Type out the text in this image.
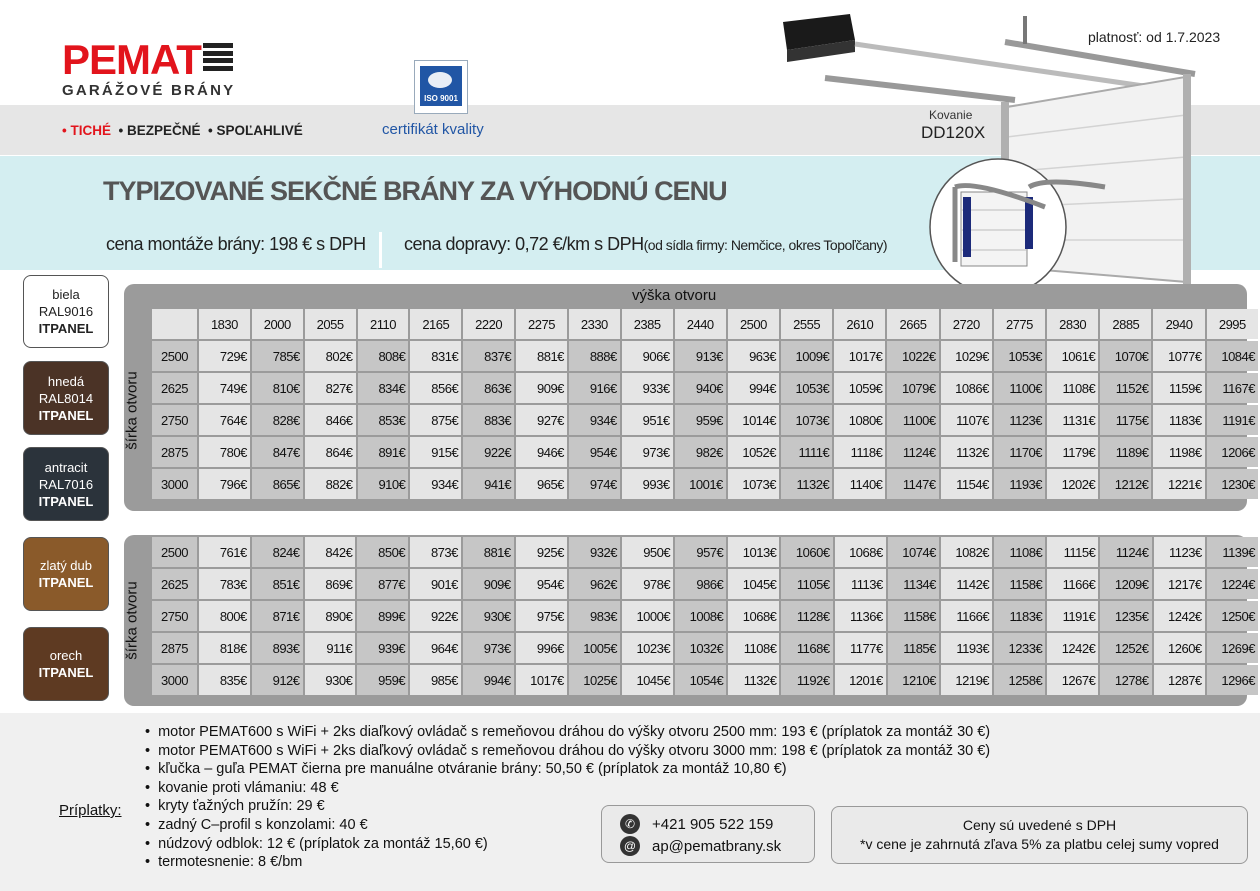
PEMAT
GARÁŽOVÉ BRÁNY
• TICHÉ  • BEZPEČNÉ  • SPOĽAHLIVÉ
ISO 9001
certifikát kvality
platnosť: od 1.7.2023
TYPIZOVANÉ SEKČNÉ BRÁNY ZA VÝHODNÚ CENU
cena montáže brány: 198 € s DPH cena dopravy: 0,72 €/km s DPH(od sídla firmy: Nemčice, okres Topoľčany)
Kovanie
DD120X
biela
RAL9016
ITPANEL
hnedá
RAL8014
ITPANEL
antracit
RAL7016
ITPANEL
zlatý dub
ITPANEL
orech
ITPANEL
výška otvoru
šírka otvoru
	1830	2000	2055	2110	2165	2220	2275	2330	2385	2440	2500	2555	2610	2665	2720	2775	2830	2885	2940	2995
2500	729€	785€	802€	808€	831€	837€	881€	888€	906€	913€	963€	1009€	1017€	1022€	1029€	1053€	1061€	1070€	1077€	1084€
2625	749€	810€	827€	834€	856€	863€	909€	916€	933€	940€	994€	1053€	1059€	1079€	1086€	1100€	1108€	1152€	1159€	1167€
2750	764€	828€	846€	853€	875€	883€	927€	934€	951€	959€	1014€	1073€	1080€	1100€	1107€	1123€	1131€	1175€	1183€	1191€
2875	780€	847€	864€	891€	915€	922€	946€	954€	973€	982€	1052€	1111€	1118€	1124€	1132€	1170€	1179€	1189€	1198€	1206€
3000	796€	865€	882€	910€	934€	941€	965€	974€	993€	1001€	1073€	1132€	1140€	1147€	1154€	1193€	1202€	1212€	1221€	1230€
šírka otvoru
2500	761€	824€	842€	850€	873€	881€	925€	932€	950€	957€	1013€	1060€	1068€	1074€	1082€	1108€	1115€	1124€	1123€	1139€
2625	783€	851€	869€	877€	901€	909€	954€	962€	978€	986€	1045€	1105€	1113€	1134€	1142€	1158€	1166€	1209€	1217€	1224€
2750	800€	871€	890€	899€	922€	930€	975€	983€	1000€	1008€	1068€	1128€	1136€	1158€	1166€	1183€	1191€	1235€	1242€	1250€
2875	818€	893€	911€	939€	964€	973€	996€	1005€	1023€	1032€	1108€	1168€	1177€	1185€	1193€	1233€	1242€	1252€	1260€	1269€
3000	835€	912€	930€	959€	985€	994€	1017€	1025€	1045€	1054€	1132€	1192€	1201€	1210€	1219€	1258€	1267€	1278€	1287€	1296€
• motor PEMAT600 s WiFi + 2ks diaľkový ovládač s remeňovou dráhou do výšky otvoru 2500 mm: 193 € (príplatok za montáž 30 €)
• motor PEMAT600 s WiFi + 2ks diaľkový ovládač s remeňovou dráhou do výšky otvoru 3000 mm: 198 € (príplatok za montáž 30 €)
• kľučka – guľa PEMAT čierna pre manuálne otváranie brány: 50,50 € (príplatok za montáž 10,80 €)
• kovanie proti vlámaniu: 48 €
• kryty ťažných pružín: 29 €
• zadný C–profil s konzolami: 40 €
• núdzový odblok: 12 € (príplatok za montáž 15,60 €)
• termotesnenie: 8 €/bm
Príplatky:
✆	+421 905 522 159
@ ap@pematbrany.sk
Ceny sú uvedené s DPH
*v cene je zahrnutá zľava 5% za platbu celej sumy vopred
